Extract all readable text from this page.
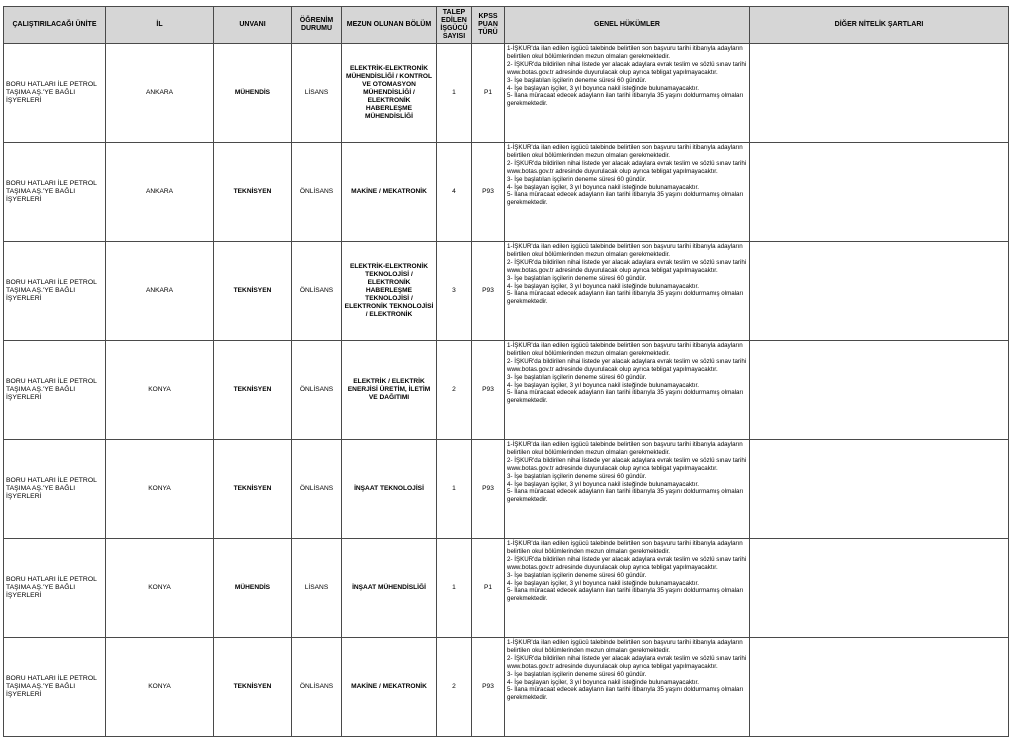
ÇALIŞTIRILACAĞI ÜNİTE	İL	UNVANI	ÖĞRENİM DURUMU	MEZUN OLUNAN BÖLÜM	TALEP EDİLEN İŞGÜCÜ SAYISI	KPSS PUAN TÜRÜ	GENEL HÜKÜMLER	DİĞER NİTELİK ŞARTLARI
BORU HATLARI İLE PETROL TAŞIMA AŞ.'YE BAĞLI İŞYERLERİ	ANKARA	MÜHENDİS	LİSANS	ELEKTRİK-ELEKTRONİK MÜHENDİSLİĞİ / KONTROL VE OTOMASYON MÜHENDİSLİĞİ / ELEKTRONİK HABERLEŞME MÜHENDİSLİĞİ	1	P1	1-İŞKUR'da ilan edilen işgücü talebinde belirtilen son başvuru tarihi itibarıyla adayların belirtilen okul bölümlerinden mezun olmaları gerekmektedir.
2- İŞKUR'da bildirilen nihai listede yer alacak adaylara evrak teslim ve sözlü sınav tarihi www.botas.gov.tr adresinde duyurulacak olup ayrıca tebligat yapılmayacaktır.
3- İşe başlatılan işçilerin deneme süresi 60 gündür.
4- İşe başlayan işçiler, 3 yıl boyunca nakil isteğinde bulunamayacaktır.
5- İlana müracaat edecek adayların ilan tarihi itibarıyla 35 yaşını doldurmamış olmaları gerekmektedir.	

BORU HATLARI İLE PETROL TAŞIMA AŞ.'YE BAĞLI İŞYERLERİ	ANKARA	TEKNİSYEN	ÖNLİSANS	MAKİNE / MEKATRONİK	4	P93	1-İŞKUR'da ilan edilen işgücü talebinde belirtilen son başvuru tarihi itibarıyla adayların belirtilen okul bölümlerinden mezun olmaları gerekmektedir.
2- İŞKUR'da bildirilen nihai listede yer alacak adaylara evrak teslim ve sözlü sınav tarihi www.botas.gov.tr adresinde duyurulacak olup ayrıca tebligat yapılmayacaktır.
3- İşe başlatılan işçilerin deneme süresi 60 gündür.
4- İşe başlayan işçiler, 3 yıl boyunca nakil isteğinde bulunamayacaktır.
5- İlana müracaat edecek adayların ilan tarihi itibarıyla 35 yaşını doldurmamış olmaları gerekmektedir.	

BORU HATLARI İLE PETROL TAŞIMA AŞ.'YE BAĞLI İŞYERLERİ	ANKARA	TEKNİSYEN	ÖNLİSANS	ELEKTRİK-ELEKTRONİK TEKNOLOJİSİ / ELEKTRONİK HABERLEŞME TEKNOLOJİSİ / ELEKTRONİK TEKNOLOJİSİ / ELEKTRONİK	3	P93	1-İŞKUR'da ilan edilen işgücü talebinde belirtilen son başvuru tarihi itibarıyla adayların belirtilen okul bölümlerinden mezun olmaları gerekmektedir.
2- İŞKUR'da bildirilen nihai listede yer alacak adaylara evrak teslim ve sözlü sınav tarihi www.botas.gov.tr adresinde duyurulacak olup ayrıca tebligat yapılmayacaktır.
3- İşe başlatılan işçilerin deneme süresi 60 gündür.
4- İşe başlayan işçiler, 3 yıl boyunca nakil isteğinde bulunamayacaktır.
5- İlana müracaat edecek adayların ilan tarihi itibarıyla 35 yaşını doldurmamış olmaları gerekmektedir.	

BORU HATLARI İLE PETROL TAŞIMA AŞ.'YE BAĞLI İŞYERLERİ	KONYA	TEKNİSYEN	ÖNLİSANS	ELEKTRİK / ELEKTRİK ENERJİSİ ÜRETİM, İLETİM VE DAĞITIMI	2	P93	1-İŞKUR'da ilan edilen işgücü talebinde belirtilen son başvuru tarihi itibarıyla adayların belirtilen okul bölümlerinden mezun olmaları gerekmektedir.
2- İŞKUR'da bildirilen nihai listede yer alacak adaylara evrak teslim ve sözlü sınav tarihi www.botas.gov.tr adresinde duyurulacak olup ayrıca tebligat yapılmayacaktır.
3- İşe başlatılan işçilerin deneme süresi 60 gündür.
4- İşe başlayan işçiler, 3 yıl boyunca nakil isteğinde bulunamayacaktır.
5- İlana müracaat edecek adayların ilan tarihi itibarıyla 35 yaşını doldurmamış olmaları gerekmektedir.	

BORU HATLARI İLE PETROL TAŞIMA AŞ.'YE BAĞLI İŞYERLERİ	KONYA	TEKNİSYEN	ÖNLİSANS	İNŞAAT TEKNOLOJİSİ	1	P93	1-İŞKUR'da ilan edilen işgücü talebinde belirtilen son başvuru tarihi itibarıyla adayların belirtilen okul bölümlerinden mezun olmaları gerekmektedir.
2- İŞKUR'da bildirilen nihai listede yer alacak adaylara evrak teslim ve sözlü sınav tarihi www.botas.gov.tr adresinde duyurulacak olup ayrıca tebligat yapılmayacaktır.
3- İşe başlatılan işçilerin deneme süresi 60 gündür.
4- İşe başlayan işçiler, 3 yıl boyunca nakil isteğinde bulunamayacaktır.
5- İlana müracaat edecek adayların ilan tarihi itibarıyla 35 yaşını doldurmamış olmaları gerekmektedir.	

BORU HATLARI İLE PETROL TAŞIMA AŞ.'YE BAĞLI İŞYERLERİ	KONYA	MÜHENDİS	LİSANS	İNŞAAT MÜHENDİSLİĞİ	1	P1	1-İŞKUR'da ilan edilen işgücü talebinde belirtilen son başvuru tarihi itibarıyla adayların belirtilen okul bölümlerinden mezun olmaları gerekmektedir.
2- İŞKUR'da bildirilen nihai listede yer alacak adaylara evrak teslim ve sözlü sınav tarihi www.botas.gov.tr adresinde duyurulacak olup ayrıca tebligat yapılmayacaktır.
3- İşe başlatılan işçilerin deneme süresi 60 gündür.
4- İşe başlayan işçiler, 3 yıl boyunca nakil isteğinde bulunamayacaktır.
5- İlana müracaat edecek adayların ilan tarihi itibarıyla 35 yaşını doldurmamış olmaları gerekmektedir.	

BORU HATLARI İLE PETROL TAŞIMA AŞ.'YE BAĞLI İŞYERLERİ	KONYA	TEKNİSYEN	ÖNLİSANS	MAKİNE / MEKATRONİK	2	P93	1-İŞKUR'da ilan edilen işgücü talebinde belirtilen son başvuru tarihi itibarıyla adayların belirtilen okul bölümlerinden mezun olmaları gerekmektedir.
2- İŞKUR'da bildirilen nihai listede yer alacak adaylara evrak teslim ve sözlü sınav tarihi www.botas.gov.tr adresinde duyurulacak olup ayrıca tebligat yapılmayacaktır.
3- İşe başlatılan işçilerin deneme süresi 60 gündür.
4- İşe başlayan işçiler, 3 yıl boyunca nakil isteğinde bulunamayacaktır.
5- İlana müracaat edecek adayların ilan tarihi itibarıyla 35 yaşını doldurmamış olmaları gerekmektedir.	
